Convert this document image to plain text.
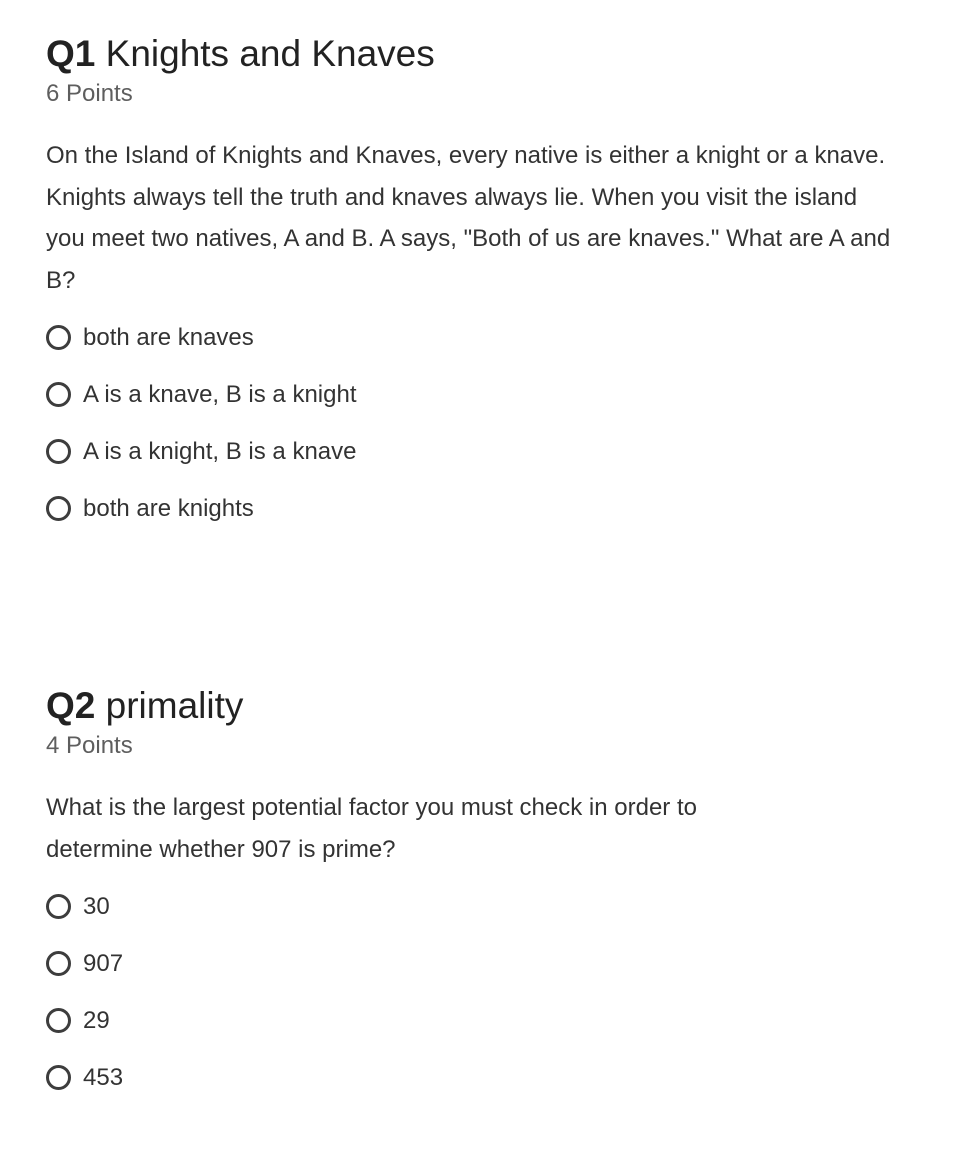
Q1 Knights and Knaves
6 Points
On the Island of Knights and Knaves, every native is either a knight or a knave. Knights always tell the truth and knaves always lie. When you visit the island you meet two natives, A and B. A says, "Both of us are knaves." What are A and B?
both are knaves
A is a knave, B is a knight
A is a knight, B is a knave
both are knights
Q2 primality
4 Points
What is the largest potential factor you must check in order to determine whether 907 is prime?
30
907
29
453
